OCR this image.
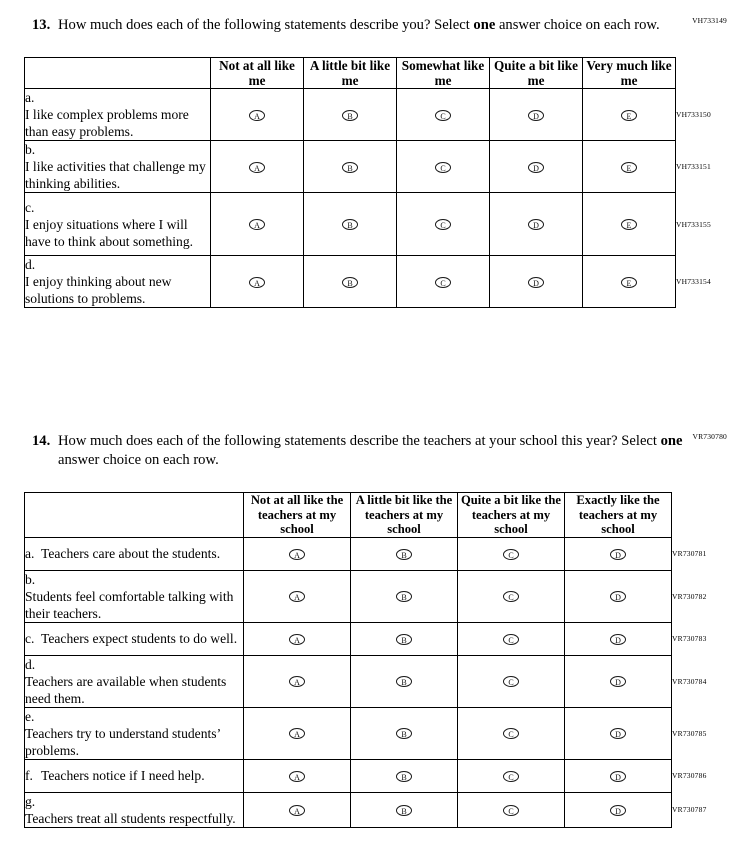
VH733149
13. How much does each of the following statements describe you? Select one answer choice on each row.
	Not at all like me	A little bit like me	Somewhat like me	Quite a bit like me	Very much like me	
a.I like complex problems more than easy problems.	A	B	C	D	E	VH733150
b.I like activities that challenge my thinking abilities.	A	B	C	D	E	VH733151
c.I enjoy situations where I will have to think about something.	A	B	C	D	E	VH733155
d.I enjoy thinking about new solutions to problems.	A	B	C	D	E	VH733154
VR730780
14. How much does each of the following statements describe the teachers at your school this year? Select one answer choice on each row.
	Not at all like the teachers at my school	A little bit like the teachers at my school	Quite a bit like the teachers at my school	Exactly like the teachers at my school	
a. Teachers care about the students.	A	B	C	D	VR730781
b.Students feel comfortable talking with their teachers.	A	B	C	D	VR730782
c. Teachers expect students to do well.	A	B	C	D	VR730783
d.Teachers are available when students need them.	A	B	C	D	VR730784
e.Teachers try to understand students’ problems.	A	B	C	D	VR730785
f. Teachers notice if I need help.	A	B	C	D	VR730786
g.Teachers treat all students respectfully.	A	B	C	D	VR730787
